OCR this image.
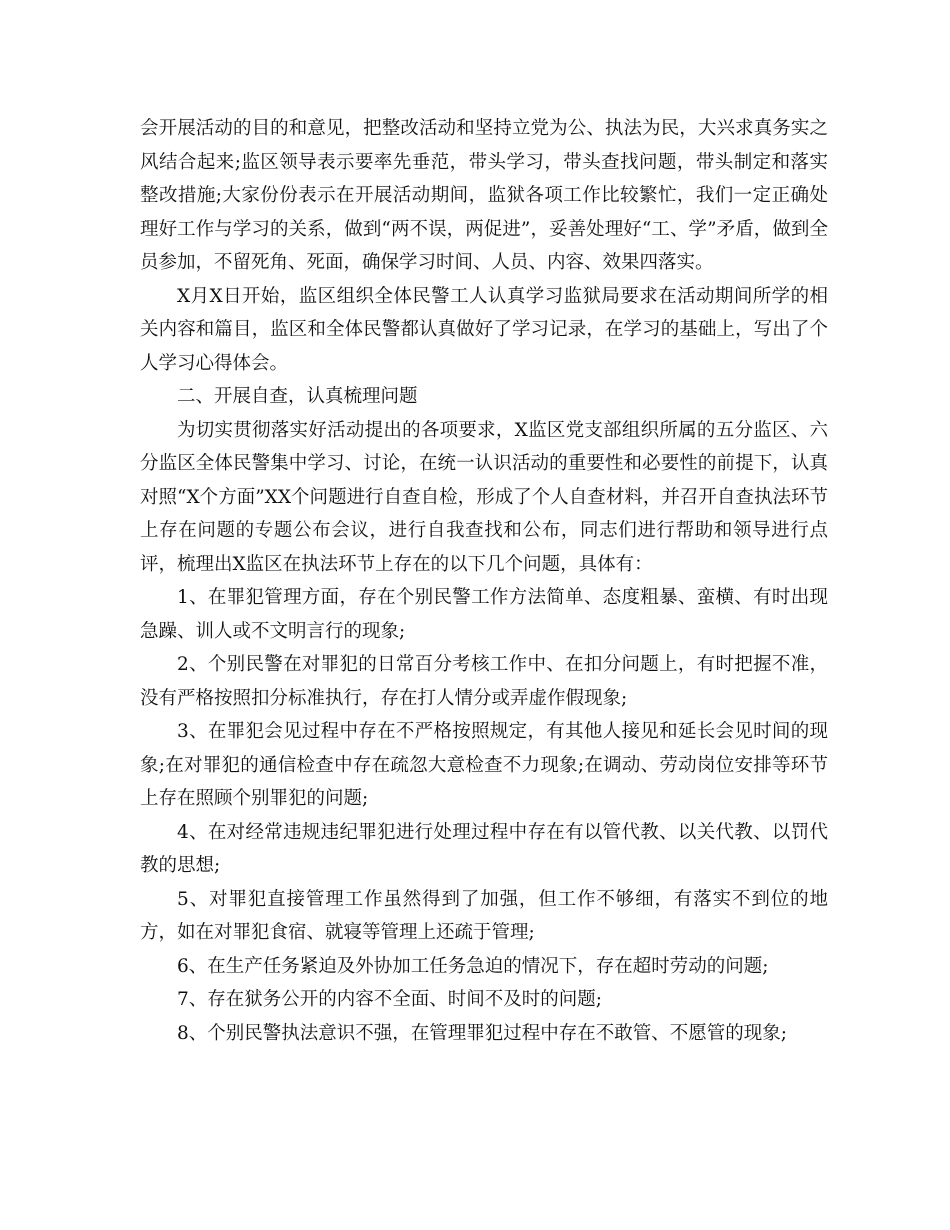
会开展活动的目的和意见，把整改活动和坚持立党为公、执法为民，大兴求真务实之风结合起来;监区领导表示要率先垂范，带头学习，带头查找问题，带头制定和落实整改措施;大家份份表示在开展活动期间，监狱各项工作比较繁忙，我们一定正确处理好工作与学习的关系，做到“两不误，两促进”，妥善处理好“工、学”矛盾，做到全员参加，不留死角、死面，确保学习时间、人员、内容、效果四落实。

X月X日开始，监区组织全体民警工人认真学习监狱局要求在活动期间所学的相关内容和篇目，监区和全体民警都认真做好了学习记录，在学习的基础上，写出了个人学习心得体会。

二、开展自查，认真梳理问题

为切实贯彻落实好活动提出的各项要求，X监区党支部组织所属的五分监区、六分监区全体民警集中学习、讨论，在统一认识活动的重要性和必要性的前提下，认真对照“X个方面”XX个问题进行自查自检，形成了个人自查材料，并召开自查执法环节上存在问题的专题公布会议，进行自我查找和公布，同志们进行帮助和领导进行点评，梳理出X监区在执法环节上存在的以下几个问题，具体有：

1、在罪犯管理方面，存在个别民警工作方法简单、态度粗暴、蛮横、有时出现急躁、训人或不文明言行的现象;

2、个别民警在对罪犯的日常百分考核工作中、在扣分问题上，有时把握不准，没有严格按照扣分标准执行，存在打人情分或弄虚作假现象;

3、在罪犯会见过程中存在不严格按照规定，有其他人接见和延长会见时间的现象;在对罪犯的通信检查中存在疏忽大意检查不力现象;在调动、劳动岗位安排等环节上存在照顾个别罪犯的问题;

4、在对经常违规违纪罪犯进行处理过程中存在有以管代教、以关代教、以罚代教的思想;

5、对罪犯直接管理工作虽然得到了加强，但工作不够细，有落实不到位的地方，如在对罪犯食宿、就寝等管理上还疏于管理;

6、在生产任务紧迫及外协加工任务急迫的情况下，存在超时劳动的问题;

7、存在狱务公开的内容不全面、时间不及时的问题;

8、个别民警执法意识不强，在管理罪犯过程中存在不敢管、不愿管的现象;
